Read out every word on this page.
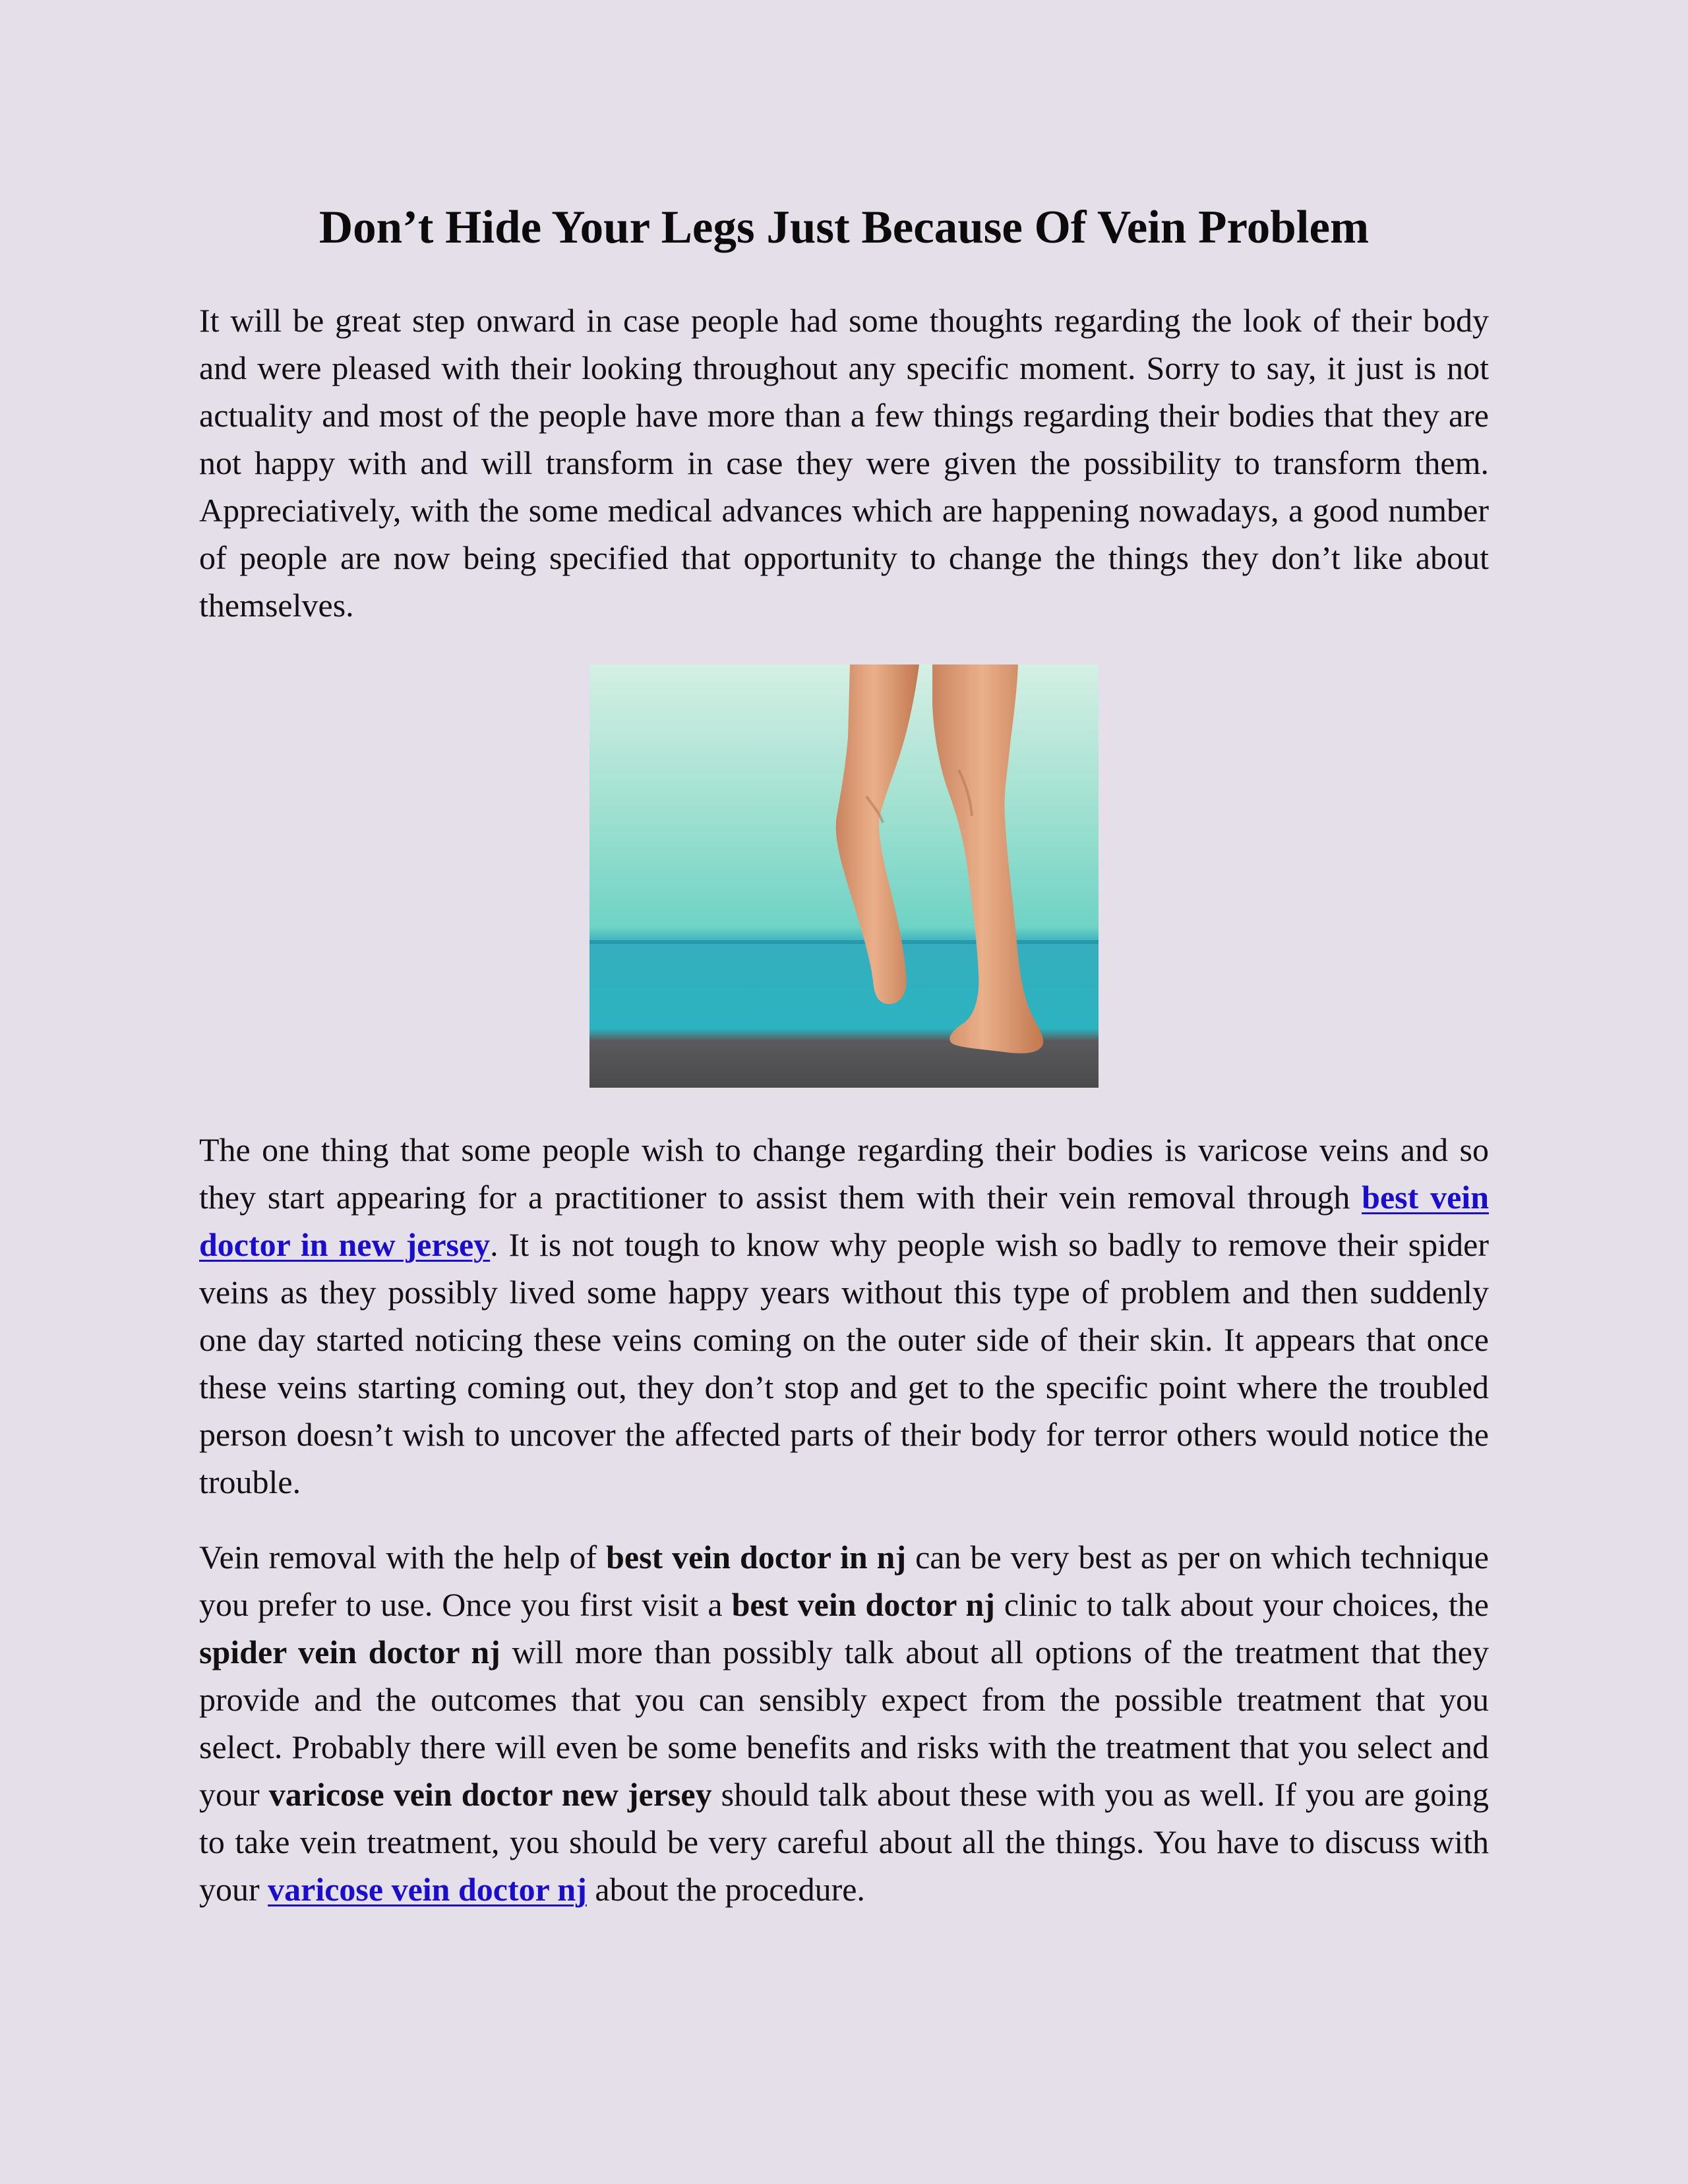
Don’t Hide Your Legs Just Because Of Vein Problem

It will be great step onward in case people had some thoughts regarding the look of their body and were pleased with their looking throughout any specific moment. Sorry to say, it just is not actuality and most of the people have more than a few things regarding their bodies that they are not happy with and will transform in case they were given the possibility to transform them. Appreciatively, with the some medical advances which are happening nowadays, a good number of people are now being specified that opportunity to change the things they don’t like about themselves.

The one thing that some people wish to change regarding their bodies is varicose veins and so they start appearing for a practitioner to assist them with their vein removal through best vein doctor in new jersey. It is not tough to know why people wish so badly to remove their spider veins as they possibly lived some happy years without this type of problem and then suddenly one day started noticing these veins coming on the outer side of their skin. It appears that once these veins starting coming out, they don’t stop and get to the specific point where the troubled person doesn’t wish to uncover the affected parts of their body for terror others would notice the trouble.

Vein removal with the help of best vein doctor in nj can be very best as per on which technique you prefer to use. Once you first visit a best vein doctor nj clinic to talk about your choices, the spider vein doctor nj will more than possibly talk about all options of the treatment that they provide and the outcomes that you can sensibly expect from the possible treatment that you select. Probably there will even be some benefits and risks with the treatment that you select and your varicose vein doctor new jersey should talk about these with you as well. If you are going to take vein treatment, you should be very careful about all the things. You have to discuss with your varicose vein doctor nj about the procedure.
